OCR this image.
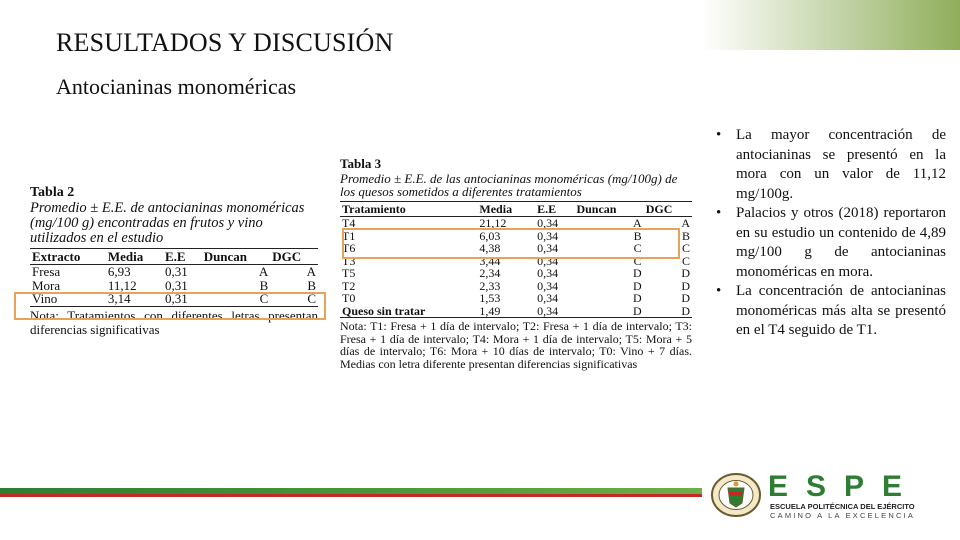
RESULTADOS Y DISCUSIÓN
Antocianinas monoméricas
Tabla 2
Promedio ± E.E. de antocianinas monoméricas (mg/100 g) encontradas en frutos y vino utilizados en el estudio
Extracto	Media	E.E	Duncan	DGC
Fresa	6,93	0,31	A	A
Mora	11,12	0,31	B	B
Vino	3,14	0,31	C	C
Nota: Tratamientos con diferentes letras presentan diferencias significativas
Tabla 3
Promedio ± E.E. de las antocianinas monoméricas (mg/100g) de los quesos sometidos a diferentes tratamientos
Tratamiento	Media	E.E	Duncan	DGC
T4	21,12	0,34	A	A
T1	6,03	0,34	B	B
T6	4,38	0,34	C	C
T3	3,44	0,34	C	C
T5	2,34	0,34	D	D
T2	2,33	0,34	D	D
T0	1,53	0,34	D	D
Queso sin tratar	1,49	0,34	D	D
Nota: T1: Fresa + 1 día de intervalo; T2: Fresa + 1 día de intervalo; T3: Fresa + 1 día de intervalo; T4: Mora + 1 día de intervalo; T5: Mora + 5 días de intervalo; T6: Mora + 10 días de intervalo; T0: Vino + 7 días. Medias con letra diferente presentan diferencias significativas
• La mayor concentración de antocianinas se presentó en la mora con un valor de 11,12 mg/100g.
• Palacios y otros (2018) reportaron en su estudio un contenido de 4,89 mg/100 g de antocianinas monoméricas en mora.
• La concentración de antocianinas monoméricas más alta se presentó en el T4 seguido de T1.
ESPE
ESCUELA POLITÉCNICA DEL EJÉRCITO
CAMINO A LA EXCELENCIA
